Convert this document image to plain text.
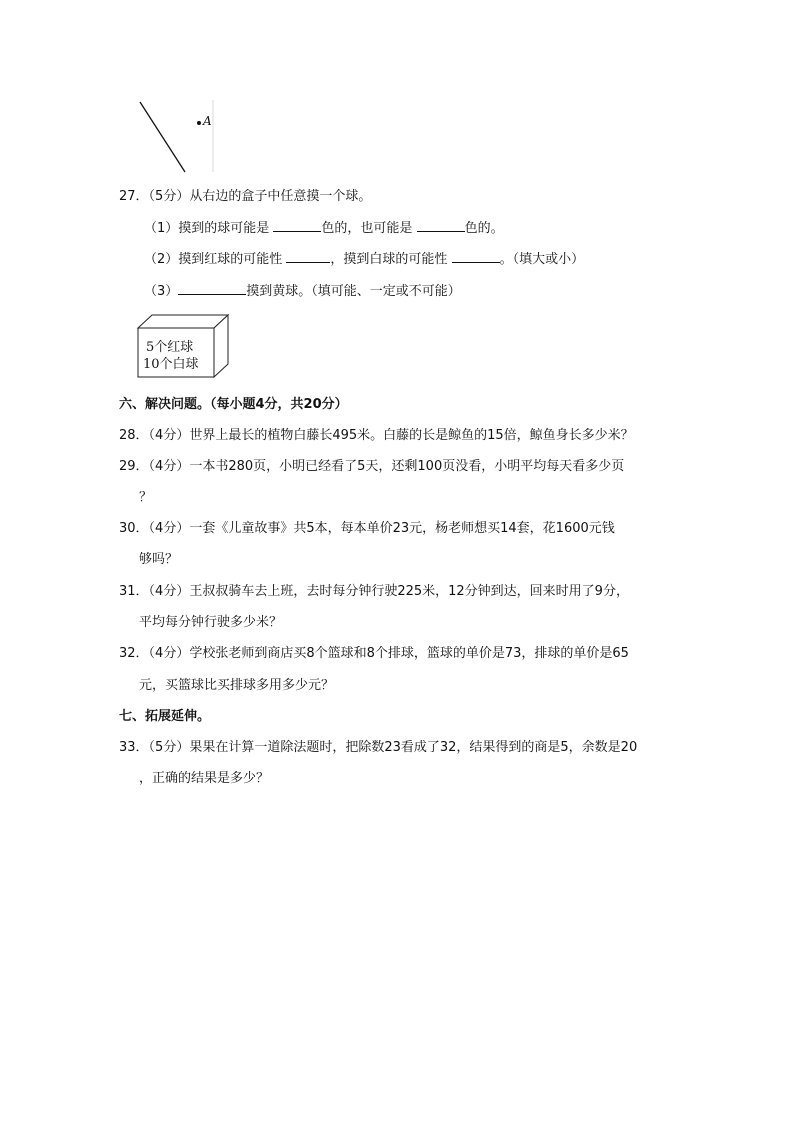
A
27．（5分）从右边的盒子中任意摸一个球。
（1）摸到的球可能是	色的，也可能是	色的。
（2）摸到红球的可能性	，摸到白球的可能性	。（填大或小）
（3）	摸到黄球。（填可能、一定或不可能）
5个红球
10个白球
六、解决问题。（每小题4分，共20分）
28．（4分）世界上最长的植物白藤长495米。白藤的长是鲸鱼的15倍，鲸鱼身长多少米？
29．（4分）一本书280页，小明已经看了5天，还剩100页没看，小明平均每天看多少页
？
30．（4分）一套《儿童故事》共5本，每本单价23元，杨老师想买14套，花1600元钱
够吗？
31．（4分）王叔叔骑车去上班，去时每分钟行驶225米，12分钟到达，回来时用了9分，
平均每分钟行驶多少米？
32．（4分）学校张老师到商店买8个篮球和8个排球，篮球的单价是73，排球的单价是65
元，买篮球比买排球多用多少元？
七、拓展延伸。
33．（5分）果果在计算一道除法题时，把除数23看成了32，结果得到的商是5，余数是20
，正确的结果是多少？
